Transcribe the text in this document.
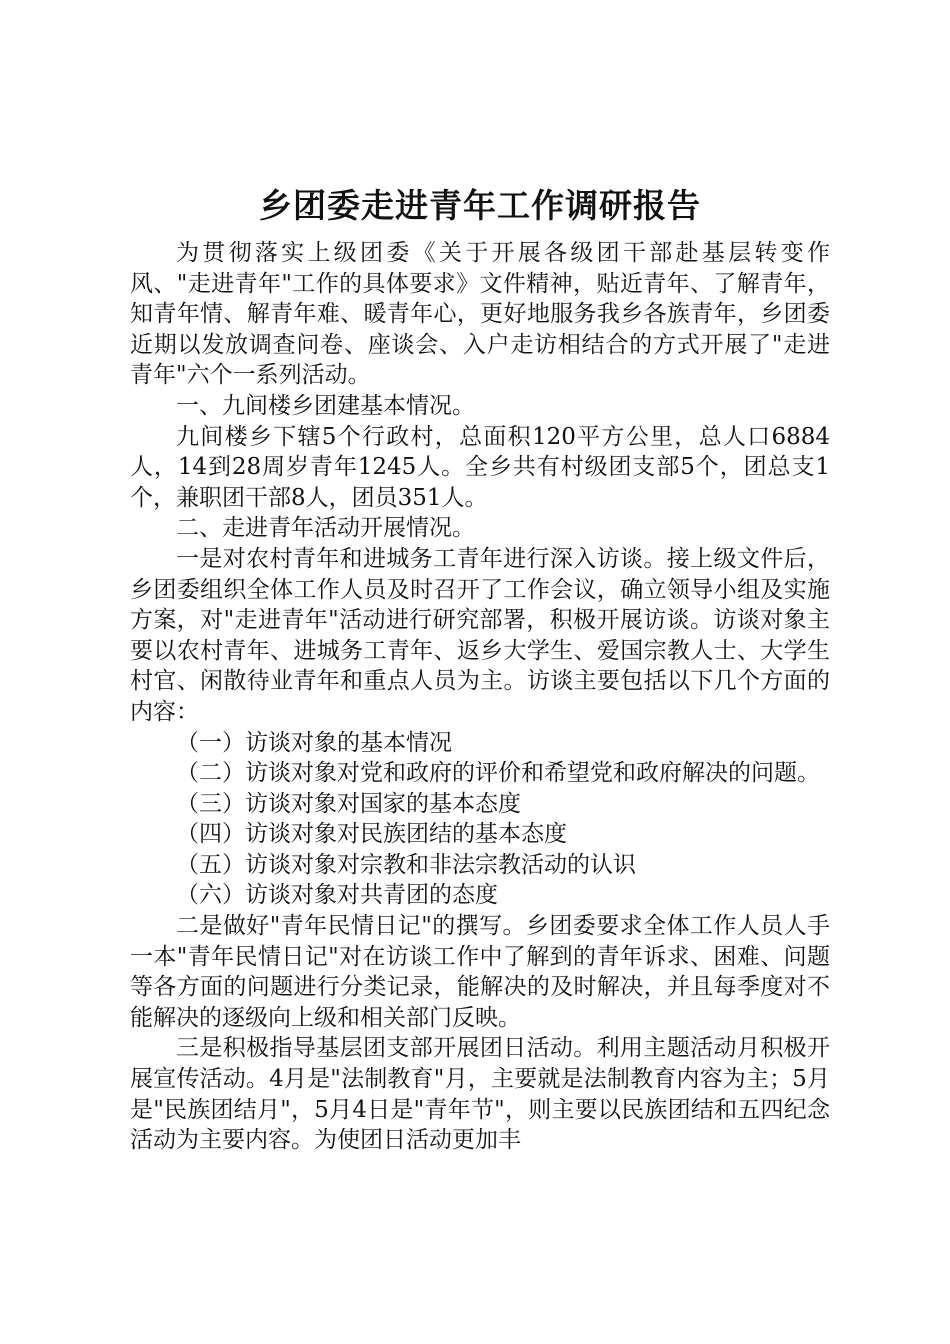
乡团委走进青年工作调研报告

为贯彻落实上级团委《关于开展各级团干部赴基层转变作风、"走进青年"工作的具体要求》文件精神，贴近青年、了解青年，知青年情、解青年难、暖青年心，更好地服务我乡各族青年，乡团委近期以发放调查问卷、座谈会、入户走访相结合的方式开展了"走进青年"六个一系列活动。

一、九间楼乡团建基本情况。

九间楼乡下辖5个行政村，总面积120平方公里，总人口6884人，14到28周岁青年1245人。全乡共有村级团支部5个，团总支1个，兼职团干部8人，团员351人。

二、走进青年活动开展情况。

一是对农村青年和进城务工青年进行深入访谈。接上级文件后，乡团委组织全体工作人员及时召开了工作会议，确立领导小组及实施方案，对"走进青年"活动进行研究部署，积极开展访谈。访谈对象主要以农村青年、进城务工青年、返乡大学生、爱国宗教人士、大学生村官、闲散待业青年和重点人员为主。访谈主要包括以下几个方面的内容：

（一）访谈对象的基本情况

（二）访谈对象对党和政府的评价和希望党和政府解决的问题。

（三）访谈对象对国家的基本态度

（四）访谈对象对民族团结的基本态度

（五）访谈对象对宗教和非法宗教活动的认识

（六）访谈对象对共青团的态度

二是做好"青年民情日记"的撰写。乡团委要求全体工作人员人手一本"青年民情日记"对在访谈工作中了解到的青年诉求、困难、问题等各方面的问题进行分类记录，能解决的及时解决，并且每季度对不能解决的逐级向上级和相关部门反映。

三是积极指导基层团支部开展团日活动。利用主题活动月积极开展宣传活动。4月是"法制教育"月，主要就是法制教育内容为主；5月是"民族团结月"，5月4日是"青年节"，则主要以民族团结和五四纪念活动为主要内容。为使团日活动更加丰
